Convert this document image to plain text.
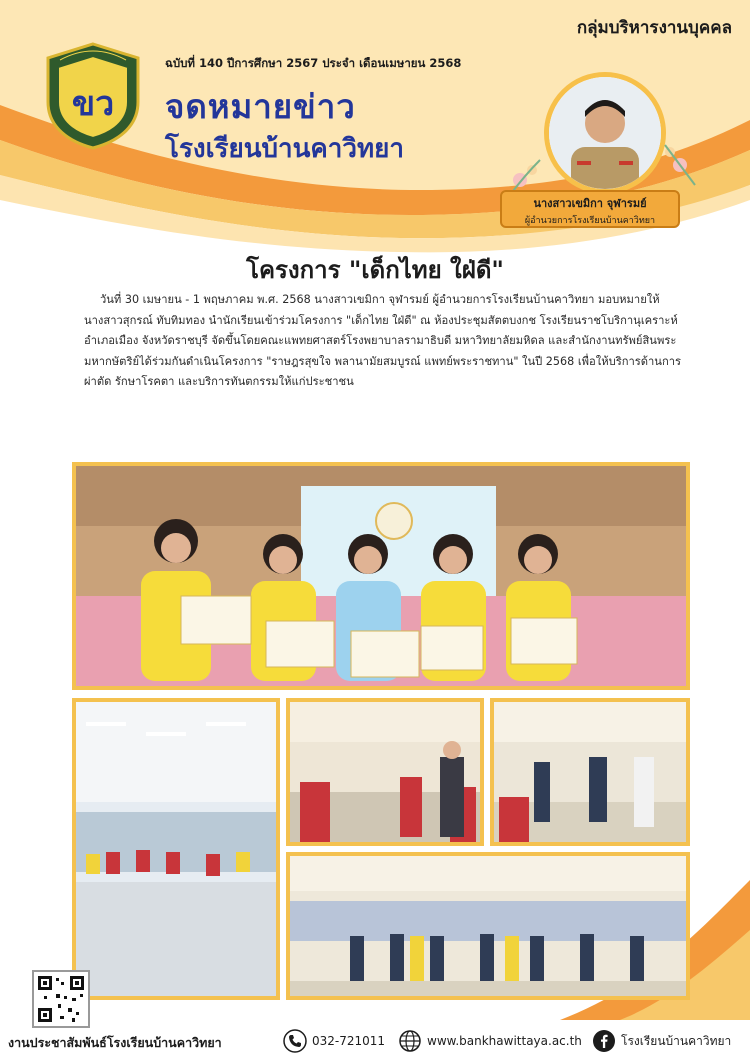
กลุ่มบริหารงานบุคคล
ขว
ฉบับที่ 140 ปีการศึกษา 2567 ประจำ เดือนเมษายน 2568
จดหมายข่าว
โรงเรียนบ้านคาวิทยา
นางสาวเขมิกา จุฬารมย์
ผู้อำนวยการโรงเรียนบ้านคาวิทยา
โครงการ "เด็กไทย ใฝ่ดี"
วันที่ 30 เมษายน - 1 พฤษภาคม พ.ศ. 2568 นางสาวเขมิกา จุฬารมย์ ผู้อำนวยการโรงเรียนบ้านคาวิทยา มอบหมายให้ นางสาวสุกรณ์ ทับทิมทอง นำนักเรียนเข้าร่วมโครงการ "เด็กไทย ใฝ่ดี" ณ ห้องประชุมสัตตบงกช โรงเรียนราชโบริกานุเคราะห์ อำเภอเมือง จังหวัดราชบุรี จัดขึ้นโดยคณะแพทยศาสตร์โรงพยาบาลรามาธิบดี มหาวิทยาลัยมหิดล และสำนักงานทรัพย์สินพระมหากษัตริย์ได้ร่วมกันดำเนินโครงการ "ราษฎรสุขใจ พลานามัยสมบูรณ์ แพทย์พระราชทาน" ในปี 2568 เพื่อให้บริการด้านการผ่าตัด รักษาโรคตา และบริการทันตกรรมให้แก่ประชาชน
งานประชาสัมพันธ์โรงเรียนบ้านคาวิทยา	032-721011	www.bankhawittaya.ac.th	โรงเรียนบ้านคาวิทยา
